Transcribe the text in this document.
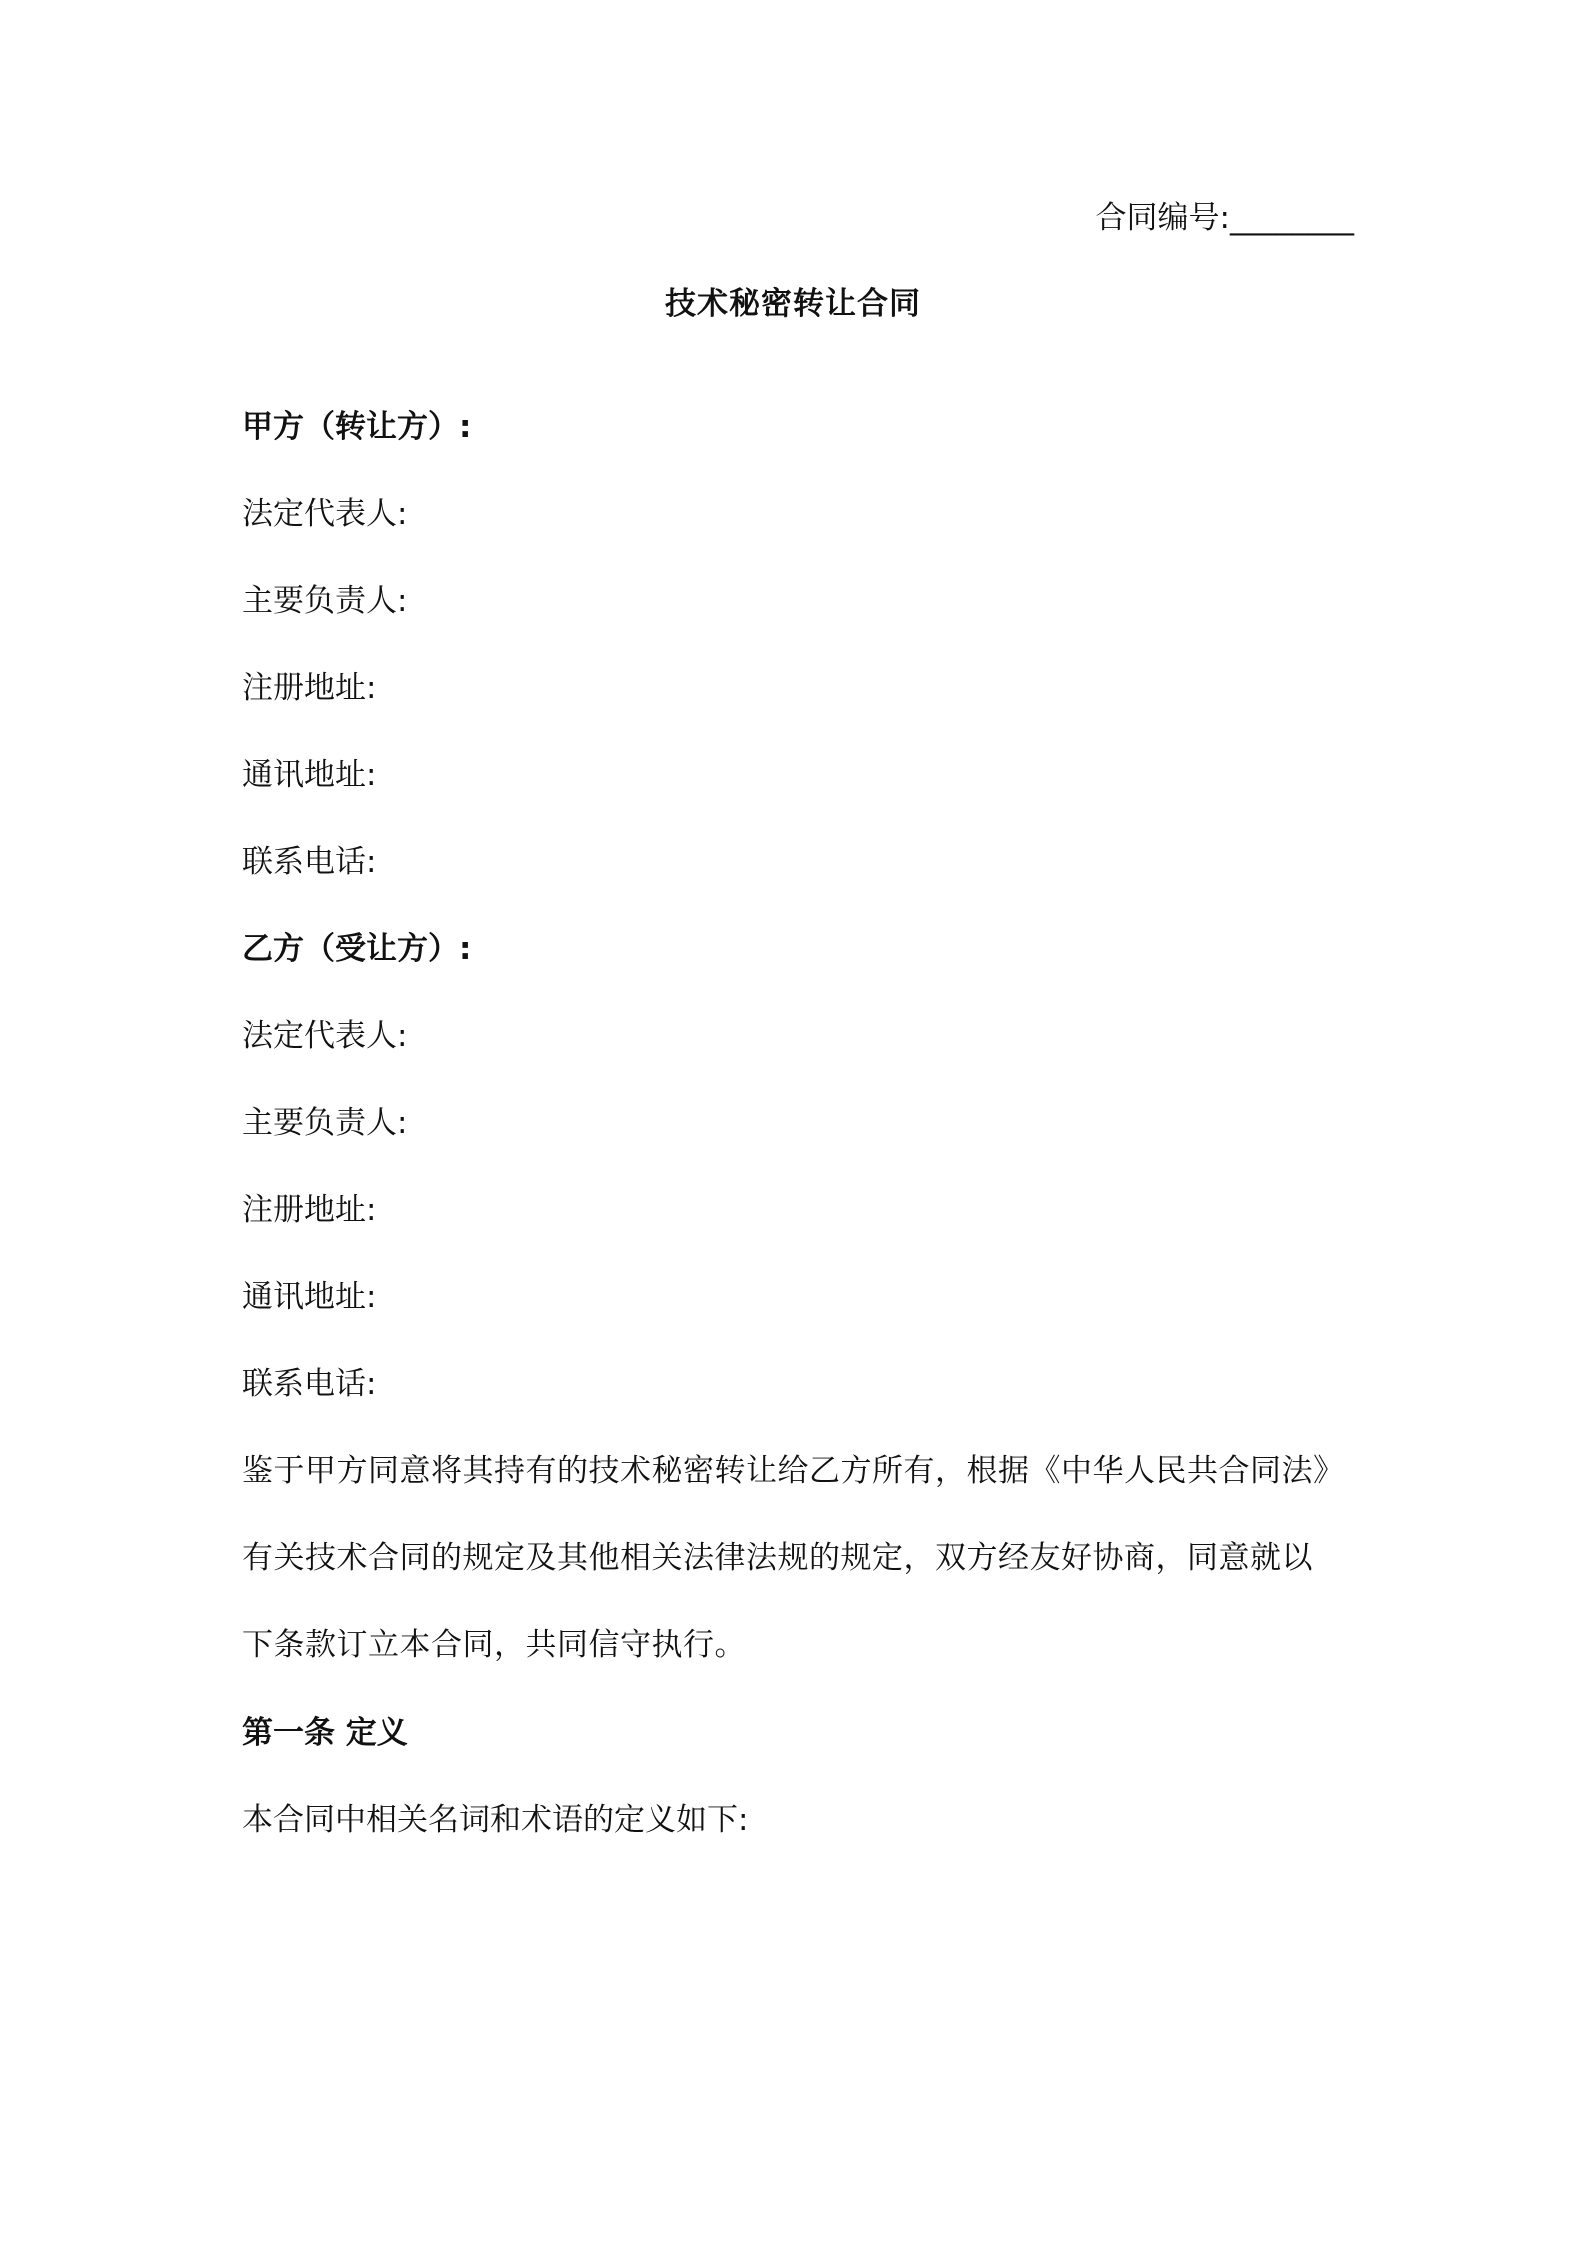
合同编号:________
技术秘密转让合同
甲方（转让方）:
法定代表人:
主要负责人:
注册地址:
通讯地址:
联系电话:
乙方（受让方）:
法定代表人:
主要负责人:
注册地址:
通讯地址:
联系电话:
鉴于甲方同意将其持有的技术秘密转让给乙方所有，根据《中华人民共合同法》
有关技术合同的规定及其他相关法律法规的规定，双方经友好协商，同意就以
下条款订立本合同，共同信守执行。
第一条 定义
本合同中相关名词和术语的定义如下:
